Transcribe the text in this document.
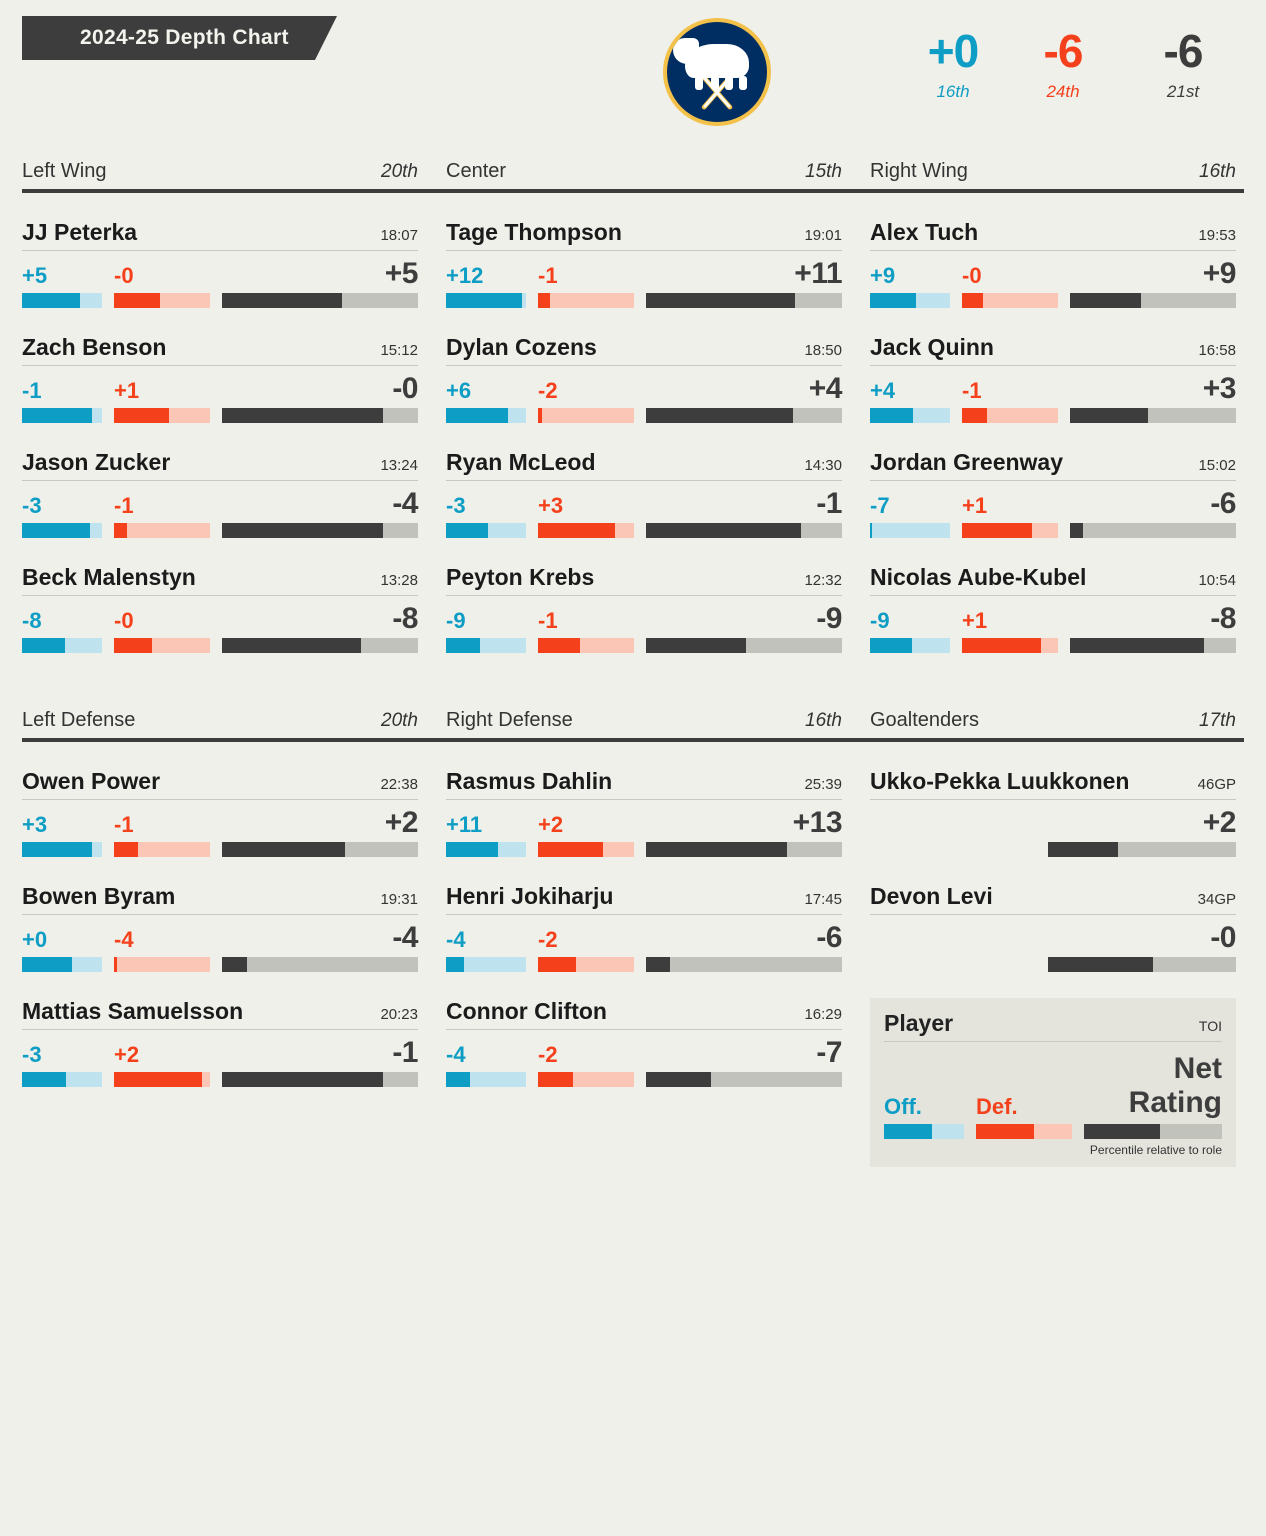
2024-25 Depth Chart	+0
16th
-6
24th
-6
21st
Left Wing	20th Center	15th Right Wing	16th
JJ Peterka	18:07
+5	-0	+5
Zach Benson	15:12
-1	+1	-0
Jason Zucker	13:24
-3	-1	-4
Beck Malenstyn	13:28
-8	-0	-8
Tage Thompson	19:01
+12	-1	+11
Dylan Cozens	18:50
+6	-2	+4
Ryan McLeod	14:30
-3	+3	-1
Peyton Krebs	12:32
-9	-1	-9
Alex Tuch	19:53
+9	-0	+9
Jack Quinn	16:58
+4	-1	+3
Jordan Greenway	15:02
-7	+1	-6
Nicolas Aube-Kubel	10:54
-9	+1	-8
Left Defense	20th Right Defense	16th Goaltenders	17th
Owen Power	22:38
+3	-1	+2
Bowen Byram	19:31
+0	-4	-4
Mattias Samuelsson	20:23
-3	+2	-1
Rasmus Dahlin	25:39
+11	+2	+13
Henri Jokiharju	17:45
-4	-2	-6
Connor Clifton	16:29
-4	-2	-7
Ukko-Pekka Luukkonen	46GP
+2
Devon Levi	34GP
-0
Player	TOI
Off.	Def.
Net Rating
Percentile relative to role
